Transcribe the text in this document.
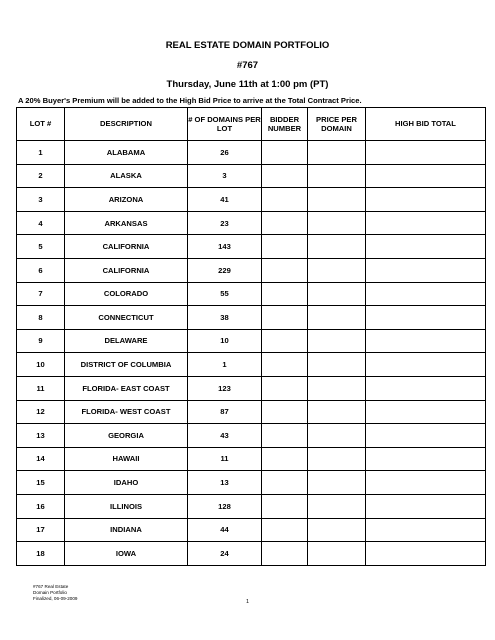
REAL ESTATE DOMAIN PORTFOLIO
#767
Thursday, June 11th at 1:00 pm (PT)
A 20% Buyer's Premium will be added to the High Bid Price to arrive at the Total Contract Price.
LOT #	DESCRIPTION	# OF DOMAINS PER LOT	BIDDER NUMBER	PRICE PER DOMAIN	HIGH BID TOTAL
1	ALABAMA	26			
2	ALASKA	3			
3	ARIZONA	41			
4	ARKANSAS	23			
5	CALIFORNIA	143			
6	CALIFORNIA	229			
7	COLORADO	55			
8	CONNECTICUT	38			
9	DELAWARE	10			
10	DISTRICT OF COLUMBIA	1			
11	FLORIDA- EAST COAST	123			
12	FLORIDA- WEST COAST	87			
13	GEORGIA	43			
14	HAWAII	11			
15	IDAHO	13			
16	ILLINOIS	128			
17	INDIANA	44			
18	IOWA	24			
#767 Real Estate
Domain Portfolio
Finalized, 06-09-2009
1
